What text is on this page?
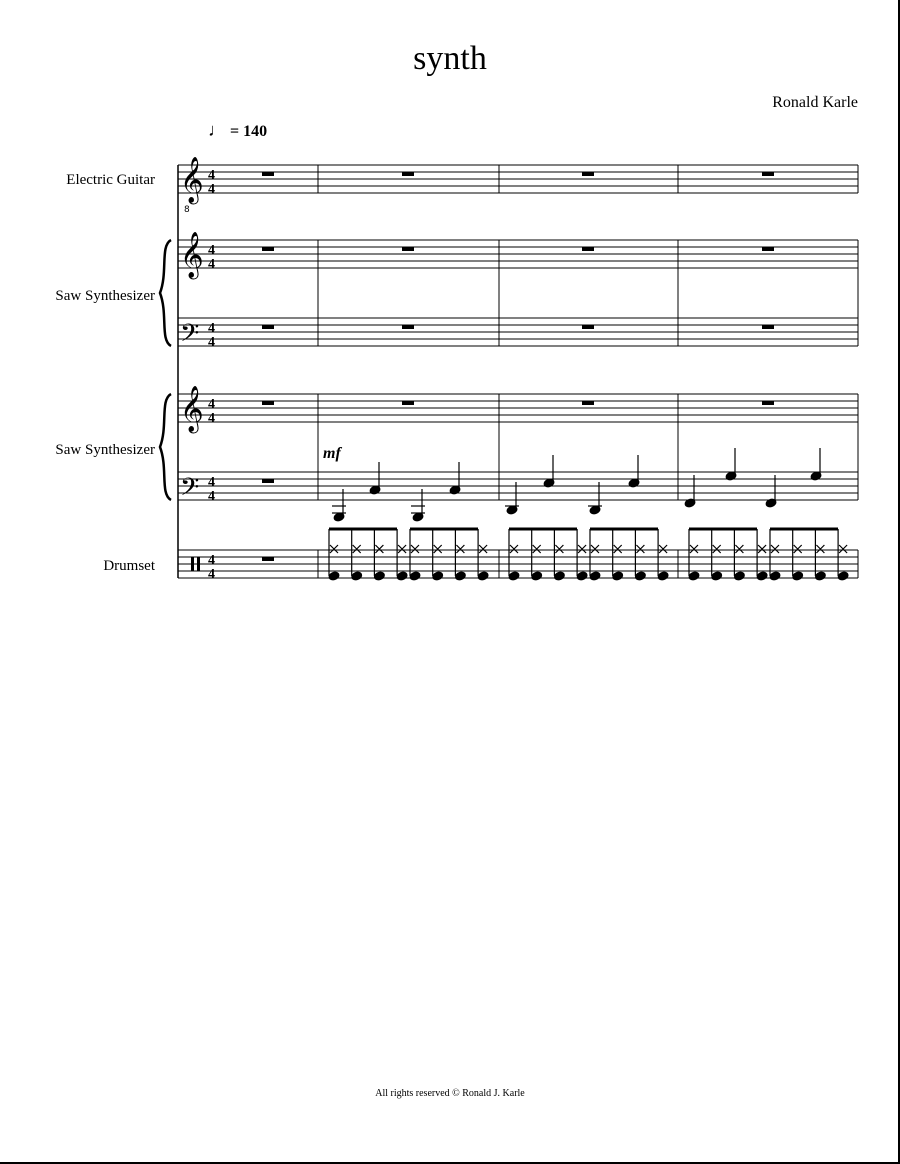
synth
Ronald Karle
♩ = 140
Electric Guitar
Saw Synthesizer
Saw Synthesizer
Drumset
𝄞
8
𝄞
𝄢
𝄞
𝄢
4
4
4
4
4
4
4
4
4
4
4
4
mf
All rights reserved © Ronald J. Karle
